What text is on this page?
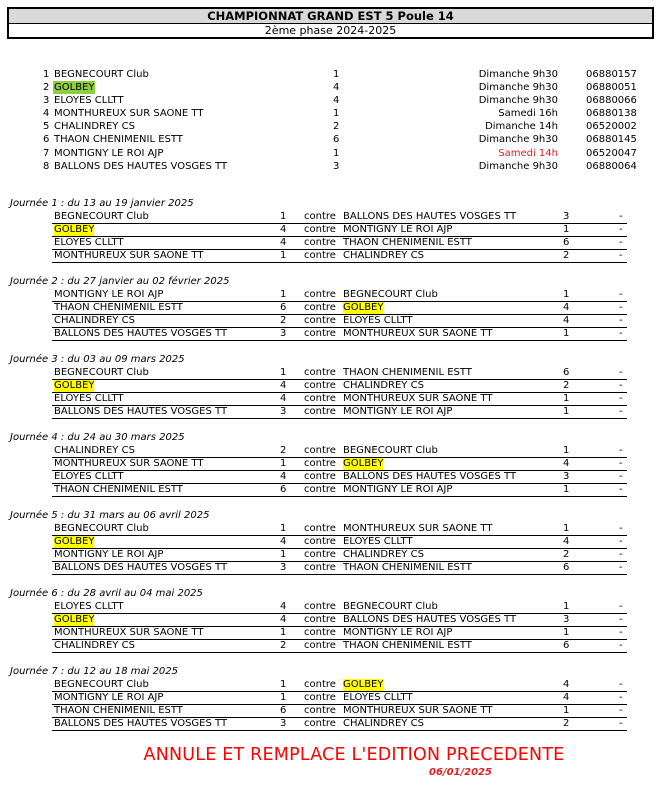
CHAMPIONNAT GRAND EST 5 Poule 14
2ème phase 2024-2025
1 BEGNECOURT Club	1	Dimanche 9h30	06880157
2 GOLBEY	4	Dimanche 9h30	06880051
3 ELOYES CLLTT	4	Dimanche 9h30	06880066
4 MONTHUREUX SUR SAONE TT	1	Samedi 16h	06880138
5 CHALINDREY CS	2	Dimanche 14h	06520002
6 THAON CHENIMENIL ESTT	6	Dimanche 9h30	06880145
7 MONTIGNY LE ROI AJP	1	Samedi 14h	06520047
8 BALLONS DES HAUTES VOSGES TT	3	Dimanche 9h30	06880064
Journée 1 : du 13 au 19 janvier 2025
BEGNECOURT Club	1 contre BALLONS DES HAUTES VOSGES TT	3	-
GOLBEY	4 contre MONTIGNY LE ROI AJP	1	-
ELOYES CLLTT	4 contre THAON CHENIMENIL ESTT	6	-
MONTHUREUX SUR SAONE TT	1 contre CHALINDREY CS	2	-
Journée 2 : du 27 janvier au 02 février 2025
MONTIGNY LE ROI AJP	1 contre BEGNECOURT Club	1	-
THAON CHENIMENIL ESTT	6 contre GOLBEY	4	-
CHALINDREY CS	2 contre ELOYES CLLTT	4	-
BALLONS DES HAUTES VOSGES TT	3 contre MONTHUREUX SUR SAONE TT	1	-
Journée 3 : du 03 au 09 mars 2025
BEGNECOURT Club	1 contre THAON CHENIMENIL ESTT	6	-
GOLBEY	4 contre CHALINDREY CS	2	-
ELOYES CLLTT	4 contre MONTHUREUX SUR SAONE TT	1	-
BALLONS DES HAUTES VOSGES TT	3 contre MONTIGNY LE ROI AJP	1	-
Journée 4 : du 24 au 30 mars 2025
CHALINDREY CS	2 contre BEGNECOURT Club	1	-
MONTHUREUX SUR SAONE TT	1 contre GOLBEY	4	-
ELOYES CLLTT	4 contre BALLONS DES HAUTES VOSGES TT	3	-
THAON CHENIMENIL ESTT	6 contre MONTIGNY LE ROI AJP	1	-
Journée 5 : du 31 mars au 06 avril 2025
BEGNECOURT Club	1 contre MONTHUREUX SUR SAONE TT	1	-
GOLBEY	4 contre ELOYES CLLTT	4	-
MONTIGNY LE ROI AJP	1 contre CHALINDREY CS	2	-
BALLONS DES HAUTES VOSGES TT	3 contre THAON CHENIMENIL ESTT	6	-
Journée 6 : du 28 avril au 04 mai 2025
ELOYES CLLTT	4 contre BEGNECOURT Club	1	-
GOLBEY	4 contre BALLONS DES HAUTES VOSGES TT	3	-
MONTHUREUX SUR SAONE TT	1 contre MONTIGNY LE ROI AJP	1	-
CHALINDREY CS	2 contre THAON CHENIMENIL ESTT	6	-
Journée 7 : du 12 au 18 mai 2025
BEGNECOURT Club	1 contre GOLBEY	4	-
MONTIGNY LE ROI AJP	1 contre ELOYES CLLTT	4	-
THAON CHENIMENIL ESTT	6 contre MONTHUREUX SUR SAONE TT	1	-
BALLONS DES HAUTES VOSGES TT	3 contre CHALINDREY CS	2	-
ANNULE ET REMPLACE L'EDITION PRECEDENTE
06/01/2025
